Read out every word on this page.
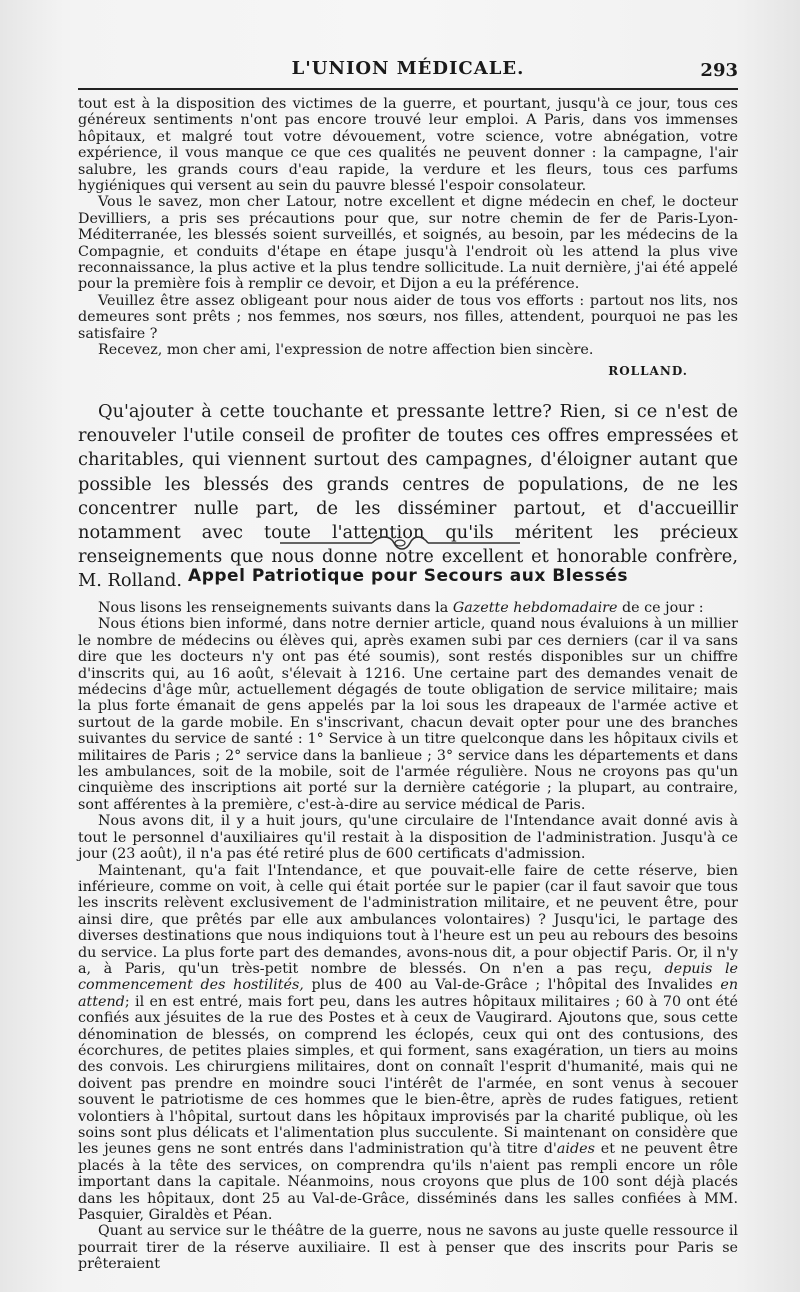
L'UNION MÉDICALE.	293

tout est à la disposition des victimes de la guerre, et pourtant, jusqu'à ce jour, tous ces généreux sentiments n'ont pas encore trouvé leur emploi. A Paris, dans vos immenses hôpitaux, et malgré tout votre dévouement, votre science, votre abnégation, votre expérience, il vous manque ce que ces qualités ne peuvent donner : la campagne, l'air salubre, les grands cours d'eau rapide, la verdure et les fleurs, tous ces parfums hygiéniques qui versent au sein du pauvre blessé l'espoir consolateur.

Vous le savez, mon cher Latour, notre excellent et digne médecin en chef, le docteur Devilliers, a pris ses précautions pour que, sur notre chemin de fer de Paris-Lyon-Méditerranée, les blessés soient surveillés, et soignés, au besoin, par les médecins de la Compagnie, et conduits d'étape en étape jusqu'à l'endroit où les attend la plus vive reconnaissance, la plus active et la plus tendre sollicitude. La nuit dernière, j'ai été appelé pour la première fois à remplir ce devoir, et Dijon a eu la préférence.

Veuillez être assez obligeant pour nous aider de tous vos efforts : partout nos lits, nos demeures sont prêts ; nos femmes, nos sœurs, nos filles, attendent, pourquoi ne pas les satisfaire ?

Recevez, mon cher ami, l'expression de notre affection bien sincère.

ROLLAND.

Qu'ajouter à cette touchante et pressante lettre? Rien, si ce n'est de renouveler l'utile conseil de profiter de toutes ces offres empressées et charitables, qui viennent surtout des campagnes, d'éloigner autant que possible les blessés des grands centres de populations, de ne les concentrer nulle part, de les disséminer partout, et d'accueillir notamment avec toute l'attention qu'ils méritent les précieux renseignements que nous donne notre excellent et honorable confrère, M. Rolland. Appel Patriotique pour Secours aux Blessés

Nous lisons les renseignements suivants dans la Gazette hebdomadaire de ce jour :

Nous étions bien informé, dans notre dernier article, quand nous évaluions à un millier le nombre de médecins ou élèves qui, après examen subi par ces derniers (car il va sans dire que les docteurs n'y ont pas été soumis), sont restés disponibles sur un chiffre d'inscrits qui, au 16 août, s'élevait à 1216. Une certaine part des demandes venait de médecins d'âge mûr, actuellement dégagés de toute obligation de service militaire; mais la plus forte émanait de gens appelés par la loi sous les drapeaux de l'armée active et surtout de la garde mobile. En s'inscrivant, chacun devait opter pour une des branches suivantes du service de santé : 1° Service à un titre quelconque dans les hôpitaux civils et militaires de Paris ; 2° service dans la banlieue ; 3° service dans les départements et dans les ambulances, soit de la mobile, soit de l'armée régulière. Nous ne croyons pas qu'un cinquième des inscriptions ait porté sur la dernière catégorie ; la plupart, au contraire, sont afférentes à la première, c'est-à-dire au service médical de Paris.

Nous avons dit, il y a huit jours, qu'une circulaire de l'Intendance avait donné avis à tout le personnel d'auxiliaires qu'il restait à la disposition de l'administration. Jusqu'à ce jour (23 août), il n'a pas été retiré plus de 600 certificats d'admission.

Maintenant, qu'a fait l'Intendance, et que pouvait-elle faire de cette réserve, bien inférieure, comme on voit, à celle qui était portée sur le papier (car il faut savoir que tous les inscrits relèvent exclusivement de l'administration militaire, et ne peuvent être, pour ainsi dire, que prêtés par elle aux ambulances volontaires) ? Jusqu'ici, le partage des diverses destinations que nous indiquions tout à l'heure est un peu au rebours des besoins du service. La plus forte part des demandes, avons-nous dit, a pour objectif Paris. Or, il n'y a, à Paris, qu'un très-petit nombre de blessés. On n'en a pas reçu, depuis le commencement des hostilités, plus de 400 au Val-de-Grâce ; l'hôpital des Invalides en attend; il en est entré, mais fort peu, dans les autres hôpitaux militaires ; 60 à 70 ont été confiés aux jésuites de la rue des Postes et à ceux de Vaugirard. Ajoutons que, sous cette dénomination de blessés, on comprend les éclopés, ceux qui ont des contusions, des écorchures, de petites plaies simples, et qui forment, sans exagération, un tiers au moins des convois. Les chirurgiens militaires, dont on connaît l'esprit d'humanité, mais qui ne doivent pas prendre en moindre souci l'intérêt de l'armée, en sont venus à secouer souvent le patriotisme de ces hommes que le bien-être, après de rudes fatigues, retient volontiers à l'hôpital, surtout dans les hôpitaux improvisés par la charité publique, où les soins sont plus délicats et l'alimentation plus succulente. Si maintenant on considère que les jeunes gens ne sont entrés dans l'administration qu'à titre d'aides et ne peuvent être placés à la tête des services, on comprendra qu'ils n'aient pas rempli encore un rôle important dans la capitale. Néanmoins, nous croyons que plus de 100 sont déjà placés dans les hôpitaux, dont 25 au Val-de-Grâce, disséminés dans les salles confiées à MM. Pasquier, Giraldès et Péan.

Quant au service sur le théâtre de la guerre, nous ne savons au juste quelle ressource il pourrait tirer de la réserve auxiliaire. Il est à penser que des inscrits pour Paris se prêteraient
